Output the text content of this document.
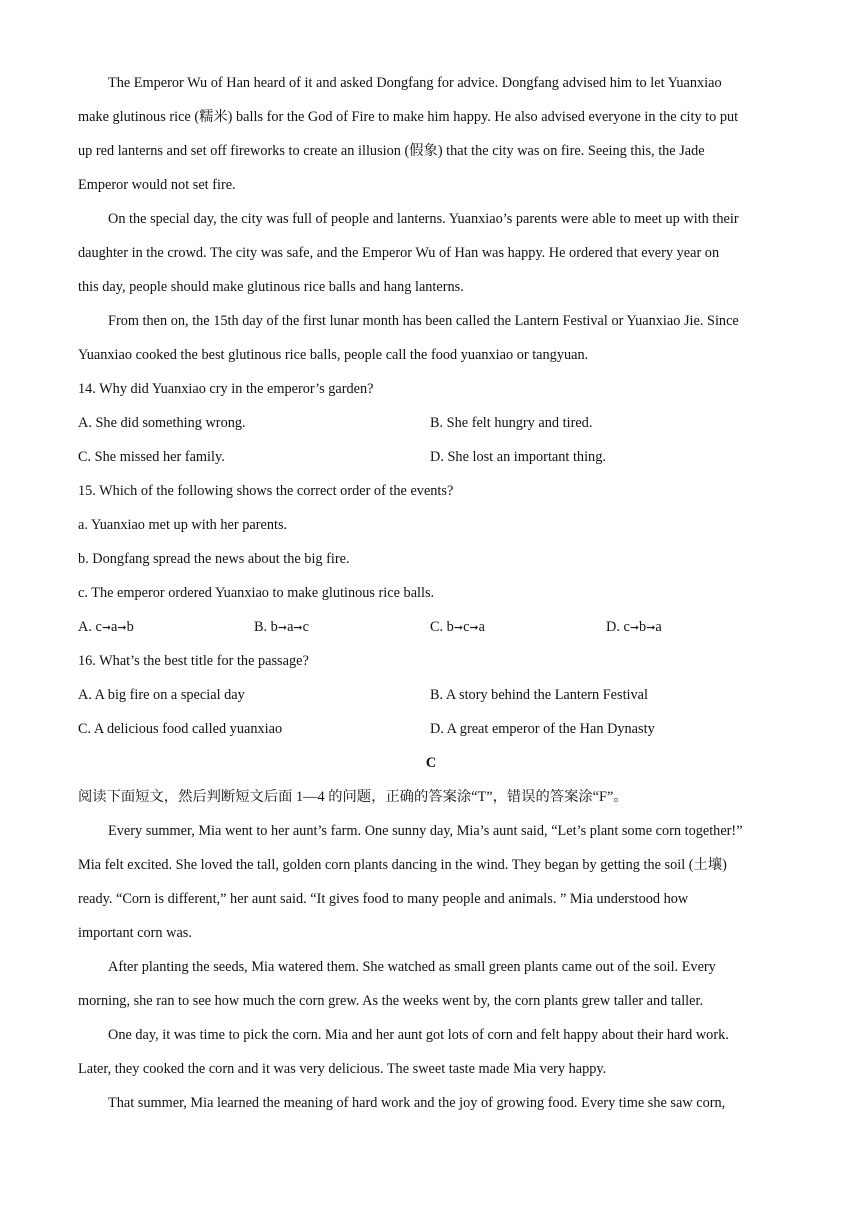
The Emperor Wu of Han heard of it and asked Dongfang for advice. Dongfang advised him to let Yuanxiao
make glutinous rice (糯米) balls for the God of Fire to make him happy. He also advised everyone in the city to put
up red lanterns and set off fireworks to create an illusion (假象) that the city was on fire. Seeing this, the Jade
Emperor would not set fire.
On the special day, the city was full of people and lanterns. Yuanxiao’s parents were able to meet up with their
daughter in the crowd. The city was safe, and the Emperor Wu of Han was happy. He ordered that every year on
this day, people should make glutinous rice balls and hang lanterns.
From then on, the 15th day of the first lunar month has been called the Lantern Festival or Yuanxiao Jie. Since
Yuanxiao cooked the best glutinous rice balls, people call the food yuanxiao or tangyuan.
14. Why did Yuanxiao cry in the emperor’s garden?
A. She did something wrong.	B. She felt hungry and tired.
C. She missed her family.	D. She lost an important thing.
15. Which of the following shows the correct order of the events?
a. Yuanxiao met up with her parents.
b. Dongfang spread the news about the big fire.
c. The emperor ordered Yuanxiao to make glutinous rice balls.
A. c➞a➞b	B. b➞a➞c	C. b➞c➞a	D. c➞b➞a
16. What’s the best title for the passage?
A. A big fire on a special day	B. A story behind the Lantern Festival
C. A delicious food called yuanxiao	D. A great emperor of the Han Dynasty
C
阅读下面短文，然后判断短文后面 1—4 的问题，正确的答案涂“T”，错误的答案涂“F”。
Every summer, Mia went to her aunt’s farm. One sunny day, Mia’s aunt said, “Let’s plant some corn together!”
Mia felt excited. She loved the tall, golden corn plants dancing in the wind. They began by getting the soil (土壤)
ready. “Corn is different,” her aunt said. “It gives food to many people and animals. ” Mia understood how
important corn was.
After planting the seeds, Mia watered them. She watched as small green plants came out of the soil. Every
morning, she ran to see how much the corn grew. As the weeks went by, the corn plants grew taller and taller.
One day, it was time to pick the corn. Mia and her aunt got lots of corn and felt happy about their hard work.
Later, they cooked the corn and it was very delicious. The sweet taste made Mia very happy.
That summer, Mia learned the meaning of hard work and the joy of growing food. Every time she saw corn,
